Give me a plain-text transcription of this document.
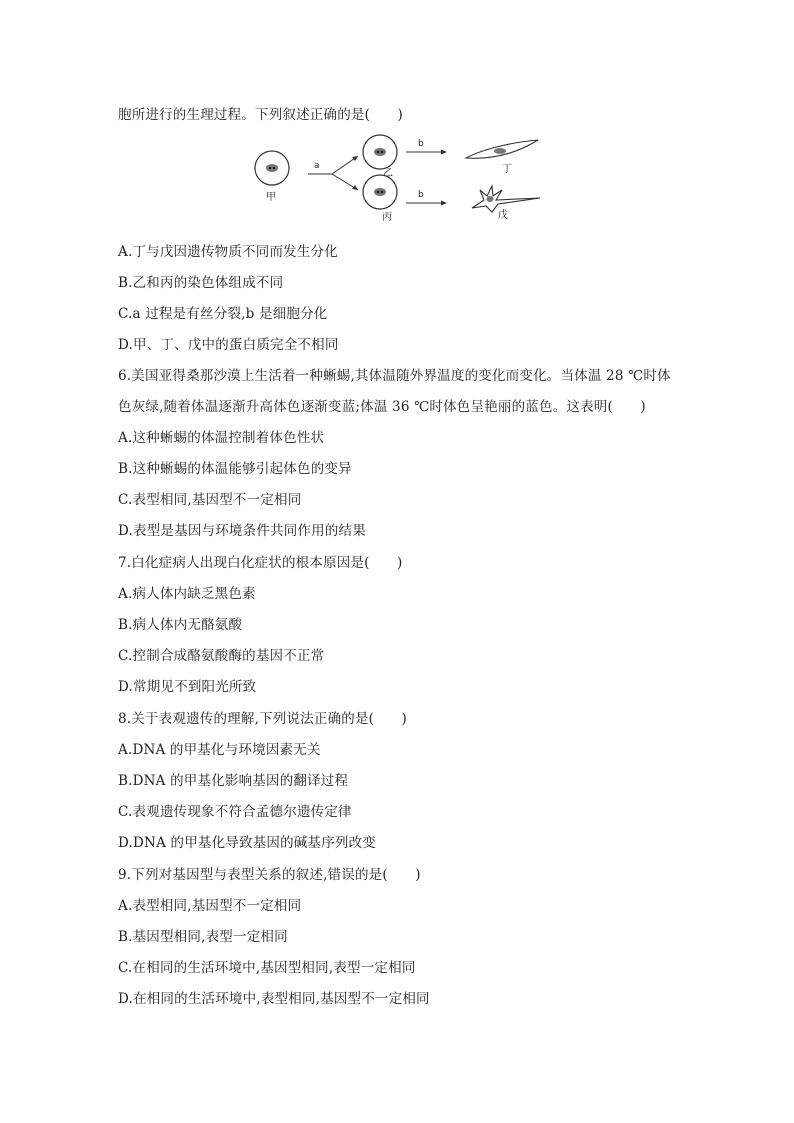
胞所进行的生理过程。下列叙述正确的是(　　)
甲
a
乙
丙
b
b
丁
戊
A.丁与戊因遗传物质不同而发生分化
B.乙和丙的染色体组成不同
C.a 过程是有丝分裂,b 是细胞分化
D.甲、丁、戊中的蛋白质完全不相同
6.美国亚得桑那沙漠上生活着一种蜥蜴,其体温随外界温度的变化而变化。当体温 28 ℃时体
色灰绿,随着体温逐渐升高体色逐渐变蓝;体温 36 ℃时体色呈艳丽的蓝色。这表明(　　)
A.这种蜥蜴的体温控制着体色性状
B.这种蜥蜴的体温能够引起体色的变异
C.表型相同,基因型不一定相同
D.表型是基因与环境条件共同作用的结果
7.白化症病人出现白化症状的根本原因是(　　)
A.病人体内缺乏黑色素
B.病人体内无酪氨酸
C.控制合成酪氨酸酶的基因不正常
D.常期见不到阳光所致
8.关于表观遗传的理解,下列说法正确的是(　　)
A.DNA 的甲基化与环境因素无关
B.DNA 的甲基化影响基因的翻译过程
C.表观遗传现象不符合孟德尔遗传定律
D.DNA 的甲基化导致基因的碱基序列改变
9.下列对基因型与表型关系的叙述,错误的是(　　)
A.表型相同,基因型不一定相同
B.基因型相同,表型一定相同
C.在相同的生活环境中,基因型相同,表型一定相同
D.在相同的生活环境中,表型相同,基因型不一定相同
